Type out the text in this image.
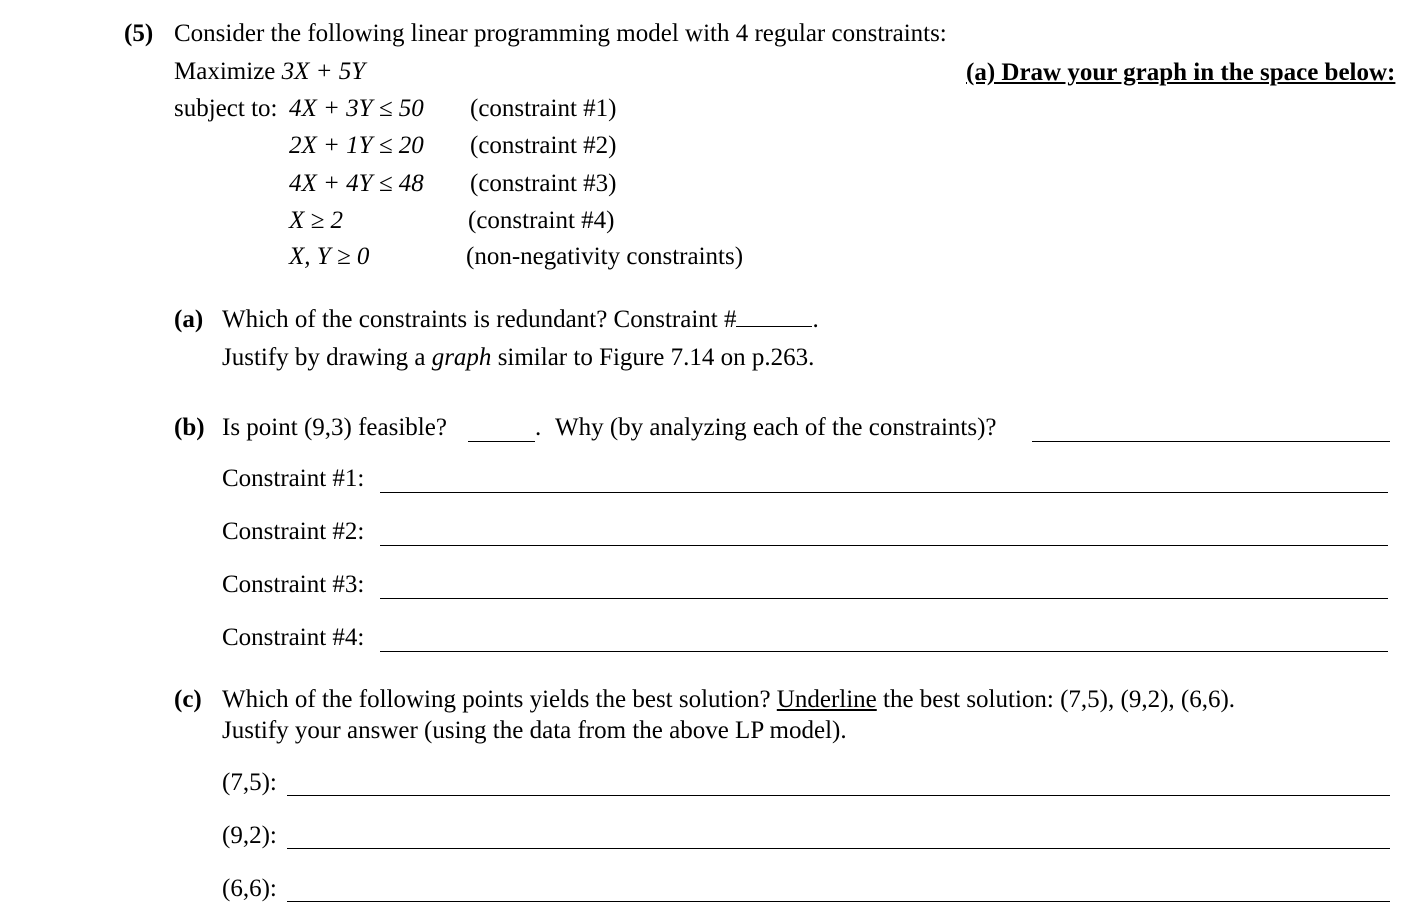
(5) Consider the following linear programming model with 4 regular constraints:
Maximize 3X + 5Y	(a) Draw your graph in the space below:
subject to: 4X + 3Y ≤ 50 (constraint #1)
2X + 1Y ≤ 20 (constraint #2)
4X + 4Y ≤ 48 (constraint #3)
X ≥ 2	(constraint #4)
X, Y ≥ 0	(non-negativity constraints)
(a) Which of the constraints is redundant? Constraint #	.
Justify by drawing a graph similar to Figure 7.14 on p.263.
(b) Is point (9,3) feasible?	. Why (by analyzing each of the constraints)?
Constraint #1:
Constraint #2:
Constraint #3:
Constraint #4:
(c) Which of the following points yields the best solution? Underline the best solution: (7,5), (9,2), (6,6).
Justify your answer (using the data from the above LP model).
(7,5):
(9,2):
(6,6):
